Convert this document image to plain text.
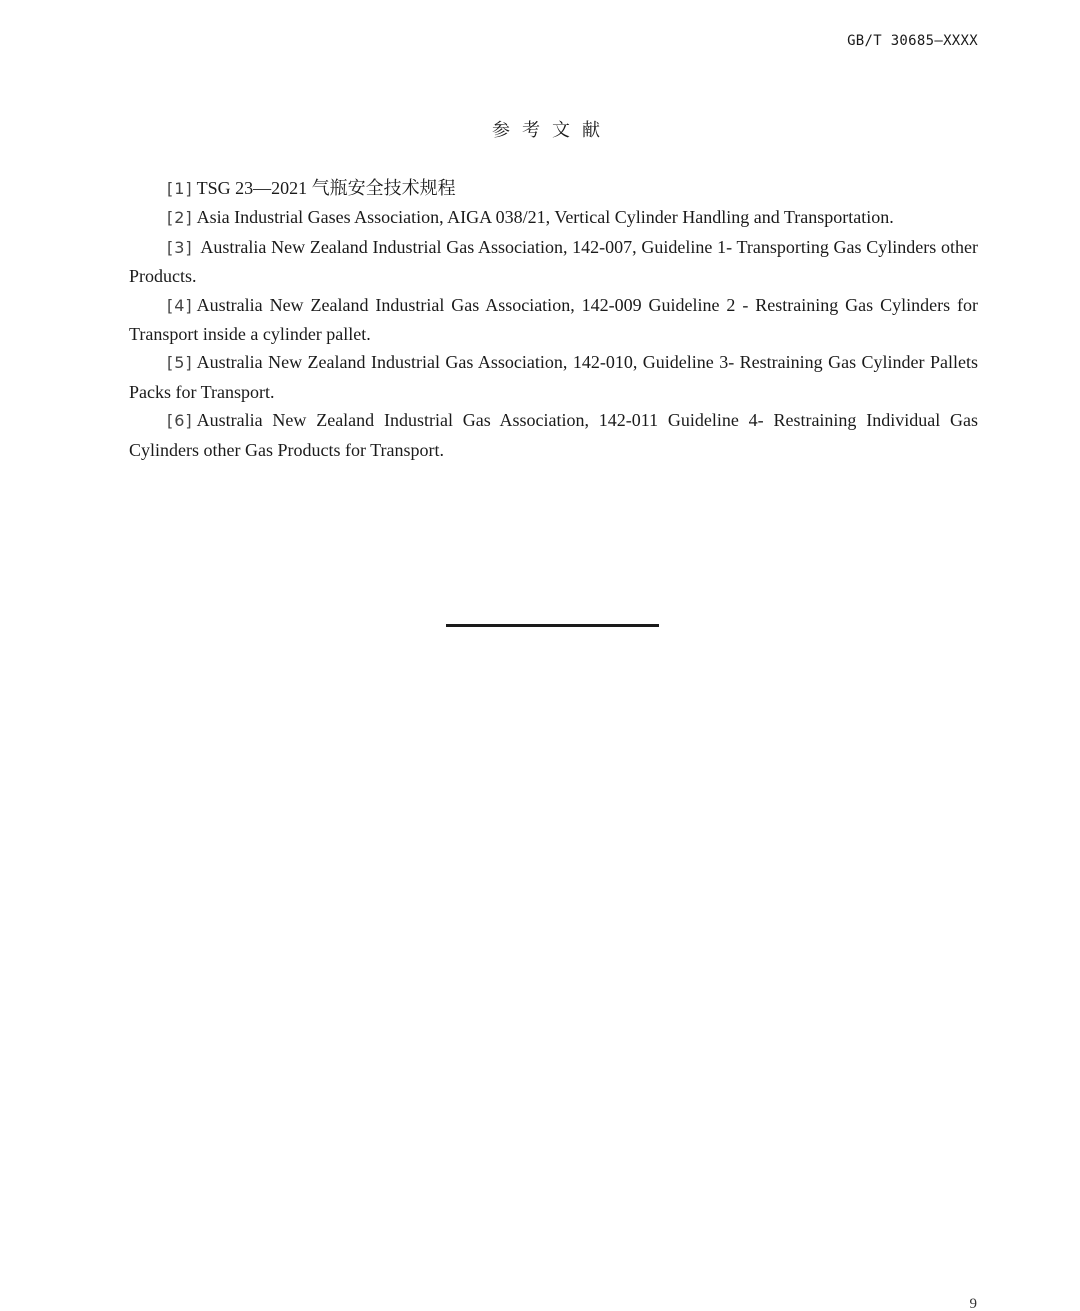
GB/T 30685—XXXX
参考文献
[1] TSG 23—2021 气瓶安全技术规程
[2] Asia Industrial Gases Association, AIGA 038/21, Vertical Cylinder Handling and Transportation.
[3] Australia New Zealand Industrial Gas Association, 142-007, Guideline 1- Transporting Gas Cylinders other Products.
[4] Australia New Zealand Industrial Gas Association, 142-009 Guideline 2 - Restraining Gas Cylinders for Transport inside a cylinder pallet.
[5] Australia New Zealand Industrial Gas Association, 142-010, Guideline 3- Restraining Gas Cylinder Pallets Packs for Transport.
[6] Australia New Zealand Industrial Gas Association, 142-011 Guideline 4- Restraining Individual Gas Cylinders other Gas Products for Transport.
9
